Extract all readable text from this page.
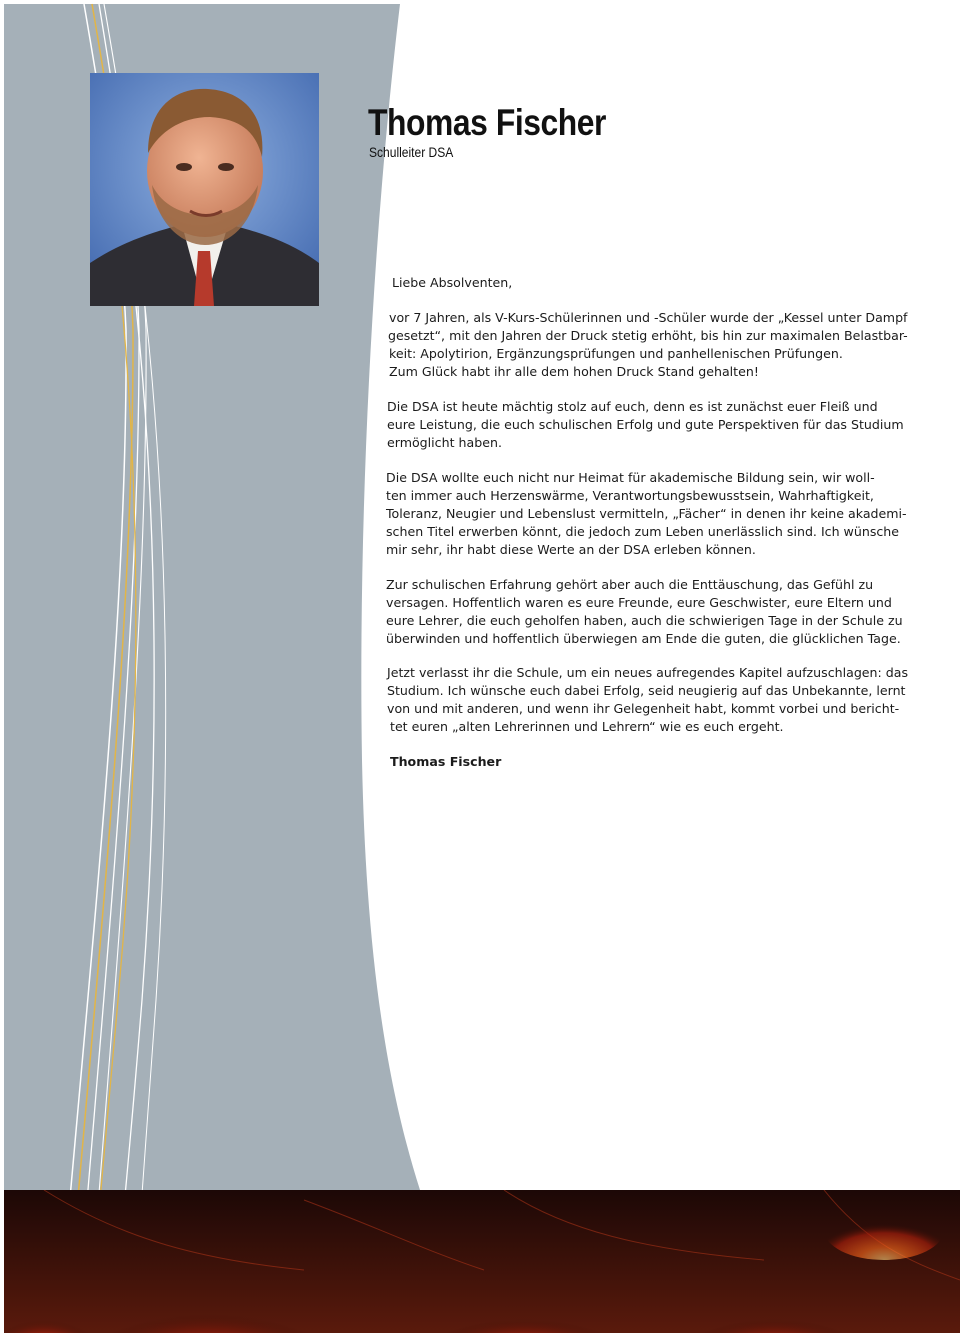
Thomas Fischer
Schulleiter DSA
Liebe Absolventen,
vor 7 Jahren, als V-Kurs-Schülerinnen und -Schüler wurde der „Kessel unter Dampf
gesetzt“, mit den Jahren der Druck stetig erhöht, bis hin zur maximalen Belastbar-
keit: Apolytirion, Ergänzungsprüfungen und panhellenischen Prüfungen.
Zum Glück habt ihr alle dem hohen Druck Stand gehalten!
Die DSA ist heute mächtig stolz auf euch, denn es ist zunächst euer Fleiß und
eure Leistung, die euch schulischen Erfolg und gute Perspektiven für das Studium
ermöglicht haben.
Die DSA wollte euch nicht nur Heimat für akademische Bildung sein, wir woll-
ten immer auch Herzenswärme, Verantwortungsbewusstsein, Wahrhaftigkeit,
Toleranz, Neugier und Lebenslust vermitteln, „Fächer“ in denen ihr keine akademi-
schen Titel erwerben könnt, die jedoch zum Leben unerlässlich sind. Ich wünsche
mir sehr, ihr habt diese Werte an der DSA erleben können.
Zur schulischen Erfahrung gehört aber auch die Enttäuschung, das Gefühl zu
versagen. Hoffentlich waren es eure Freunde, eure Geschwister, eure Eltern und
eure Lehrer, die euch geholfen haben, auch die schwierigen Tage in der Schule zu
überwinden und hoffentlich überwiegen am Ende die guten, die glücklichen Tage.
Jetzt verlasst ihr die Schule, um ein neues aufregendes Kapitel aufzuschlagen: das
Studium. Ich wünsche euch dabei Erfolg, seid neugierig auf das Unbekannte, lernt
von und mit anderen, und wenn ihr Gelegenheit habt, kommt vorbei und bericht-
tet euren „alten Lehrerinnen und Lehrern“ wie es euch ergeht.
Thomas Fischer
